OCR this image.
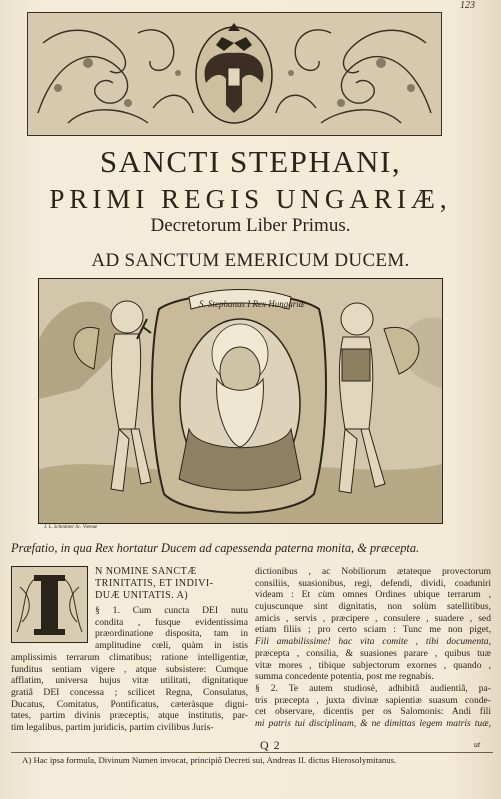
123
SANCTI STEPHANI,
PRIMI REGIS UNGARIÆ,
Decretorum Liber Primus.
AD SANCTUM EMERICUM DUCEM.
S. Stephanus I Rex Hungariæ
J. L. Schmitner Sc. Viennæ
Præfatio, in qua Rex hortatur Ducem ad capessenda paterna monita, & præcepta.
N NOMINE SANCTÆ
TRINITATIS, ET INDIVI-
DUÆ UNITATIS. A)
§ 1. Cum cuncta DEI nutu
condita , fusque evidentissima
præordinatione disposita, tam in
amplitudine cœli, quàm in istis
amplissimis terrarum climatibus; ratione intelligentiæ,
funditus sentiam vigere , atque subsistere: Cumque
afflatim, universa hujus vitæ utilitati, dignitatique
gratiâ DEI concessa ; scilicet Regna, Consulatus,
Ducatus, Comitatus, Pontificatus, cæteràsque digni-
tates, partim divinis præceptis, atque institutis, par-
tim legalibus, partim juridicis, partim civilibus Juris-
dictionibus , ac Nobiliorum ætateque provectorum
consiliis, suasionibus, regi, defendi, dividi, coaduniri
videam : Et cùm omnes Ordines ubique terrarum ,
cujuscunque sint dignitatis, non solùm satellitibus,
amicis , servis , præcipere , consulere , suadere , sed
etiam filiis ; pro certo sciam : Tunc me non piget,
Fili amabilissime! hac vita comite , tibi documenta,
præcepta , consilia, & suasiones parare , quibus tuæ
vitæ mores , tibique subjectorum exornes , quando ,
summa concedente potentia, post me regnabis.
§ 2. Te autem studiosè, adhibitâ audientiâ, pa-
tris præcepta , juxta divinæ sapientiæ suasum conde-
cet observare, dicentis per os Salomonis: Andi fili
mi patris tui disciplinam, & ne dimittas legem matris tuæ,
Q 2	ut
A) Hac ipsa formula, Divinum Numen invocat, principiô Decreti sui, Andreas II. dictus Hierosolymitanus.
